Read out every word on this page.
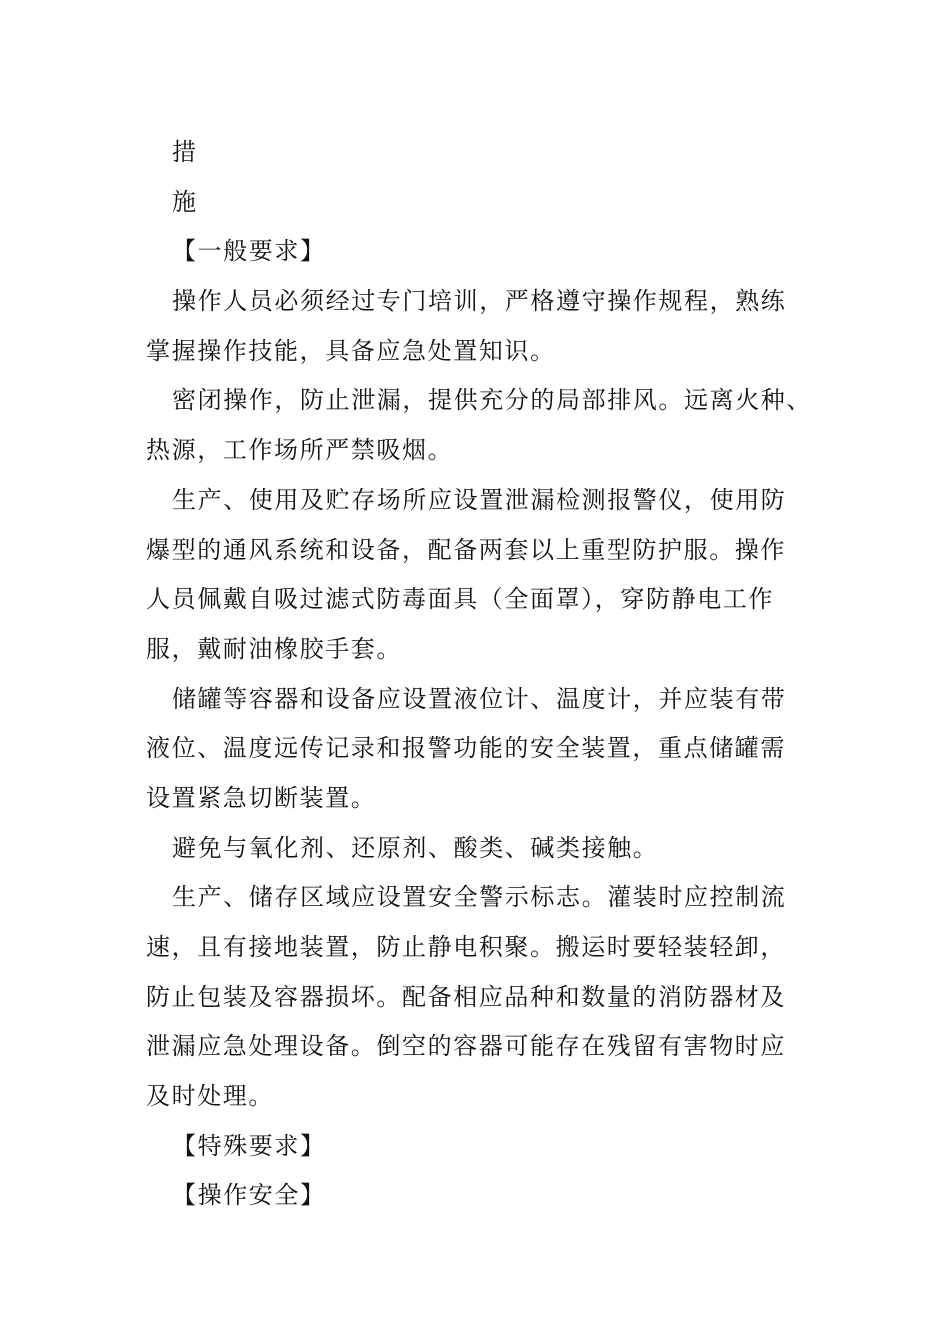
措
施
【一般要求】
操作人员必须经过专门培训，严格遵守操作规程，熟练
掌握操作技能，具备应急处置知识。
密闭操作，防止泄漏，提供充分的局部排风。远离火种、
热源，工作场所严禁吸烟。
生产、使用及贮存场所应设置泄漏检测报警仪，使用防
爆型的通风系统和设备，配备两套以上重型防护服。操作
人员佩戴自吸过滤式防毒面具（全面罩），穿防静电工作
服，戴耐油橡胶手套。
储罐等容器和设备应设置液位计、温度计，并应装有带
液位、温度远传记录和报警功能的安全装置，重点储罐需
设置紧急切断装置。
避免与氧化剂、还原剂、酸类、碱类接触。
生产、储存区域应设置安全警示标志。灌装时应控制流
速，且有接地装置，防止静电积聚。搬运时要轻装轻卸，
防止包装及容器损坏。配备相应品种和数量的消防器材及
泄漏应急处理设备。倒空的容器可能存在残留有害物时应
及时处理。
【特殊要求】
【操作安全】
